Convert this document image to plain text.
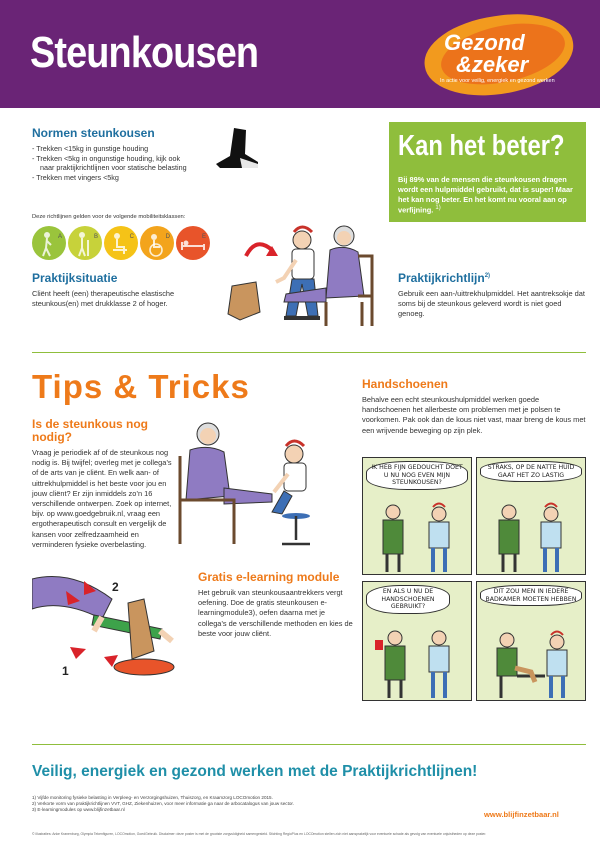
Steunkousen	Gezond
&zeker
In actie voor veilig, energiek en gezond werken
Normen steunkousen
- Trekken <15kg in gunstige houding
- Trekken <5kg in ongunstige houding, kijk ook
naar praktijkrichtlijnen voor statische belasting
- Trekken met vingers <5kg
Kan het beter?
Bij 89% van de mensen die steunkousen dragen wordt een hulpmiddel gebruikt, dat is super! Maar het kan nog beter. En het komt nu vooral aan op verfijning. $^{1)}$
Deze richtlijnen gelden voor de volgende mobiliteitsklassen:
A	B	C	D	E
Praktijksituatie

Cliënt heeft (een) therapeutische elastische steunkous(en) met drukklasse 2 of hoger.

Praktijkrichtlijn$^{2)}$

Gebruik een aan-/uittrekhulpmiddel. Het aantreksokje dat soms bij de steunkous geleverd wordt is niet goed genoeg.

Tips & Tricks
Is de steunkous nog nodig?

Vraag je periodiek af of de steunkous nog nodig is. Bij twijfel; overleg met je collega’s of de arts van je cliënt. En welk aan- of uittrekhulpmiddel is het beste voor jou en jouw cliënt? Er zijn inmiddels zo’n 16 verschillende ontwerpen. Zoek op internet, bijv. op www.goedgebruik.nl, vraag een ergotherapeutisch consult en vergelijk de kansen voor zelfredzaamheid en verminderen fysieke overbelasting.

2
1
Gratis e-learning module

Het gebruik van steunkousaantrekkers vergt oefening. Doe de gratis steunkousen e-learningmodule3), oefen daarna met je collega’s de verschillende methoden en kies de beste voor jouw cliënt.

Handschoenen

Behalve een echt steunkoushulpmiddel werken goede handschoenen het allerbeste om problemen met je polsen te voorkomen. Pak ook dan de kous niet vast, maar breng de kous met een wrijvende beweging op zijn plek.

IK HEB FIJN GEDOUCHT DOET U NU NOG EVEN MIJN STEUNKOUSEN?
STRAKS, OP DE NATTE HUID GAAT HET ZO LASTIG
EN ALS U NU DE HANDSCHOENEN GEBRUIKT?
DIT ZOU MEN IN IEDERE BADKAMER MOETEN HEBBEN
Veilig, energiek en gezond werken met de Praktijkrichtlijnen!
1) Vijfde monitoring fysieke belasting in Verpleeg- en Verzorgingshuizen, Thuiszorg, en Kraamzorg LOCOmotion 2015.
2) Verkorte vorm van praktijkrichtlijnen VVT, GHZ, Ziekenhuizen, voor meer informatie ga naar de arbocatalogus van jouw sector.
3) E-learningmodules op www.blijfinzetbaar.nl
www.blijfinzetbaar.nl
© illustraties: Anke Kranenburg, Olympia Tekenfiguren, LOCOmotion, GoedGebruik. Disclaimer: deze poster is met de grootste zorgvuldigheid samengesteld. Stichting RegioPlus en LOCOmotion stellen zich niet aansprakelijk voor eventuele schade als gevolg van eventuele onjuistheden op deze poster.
